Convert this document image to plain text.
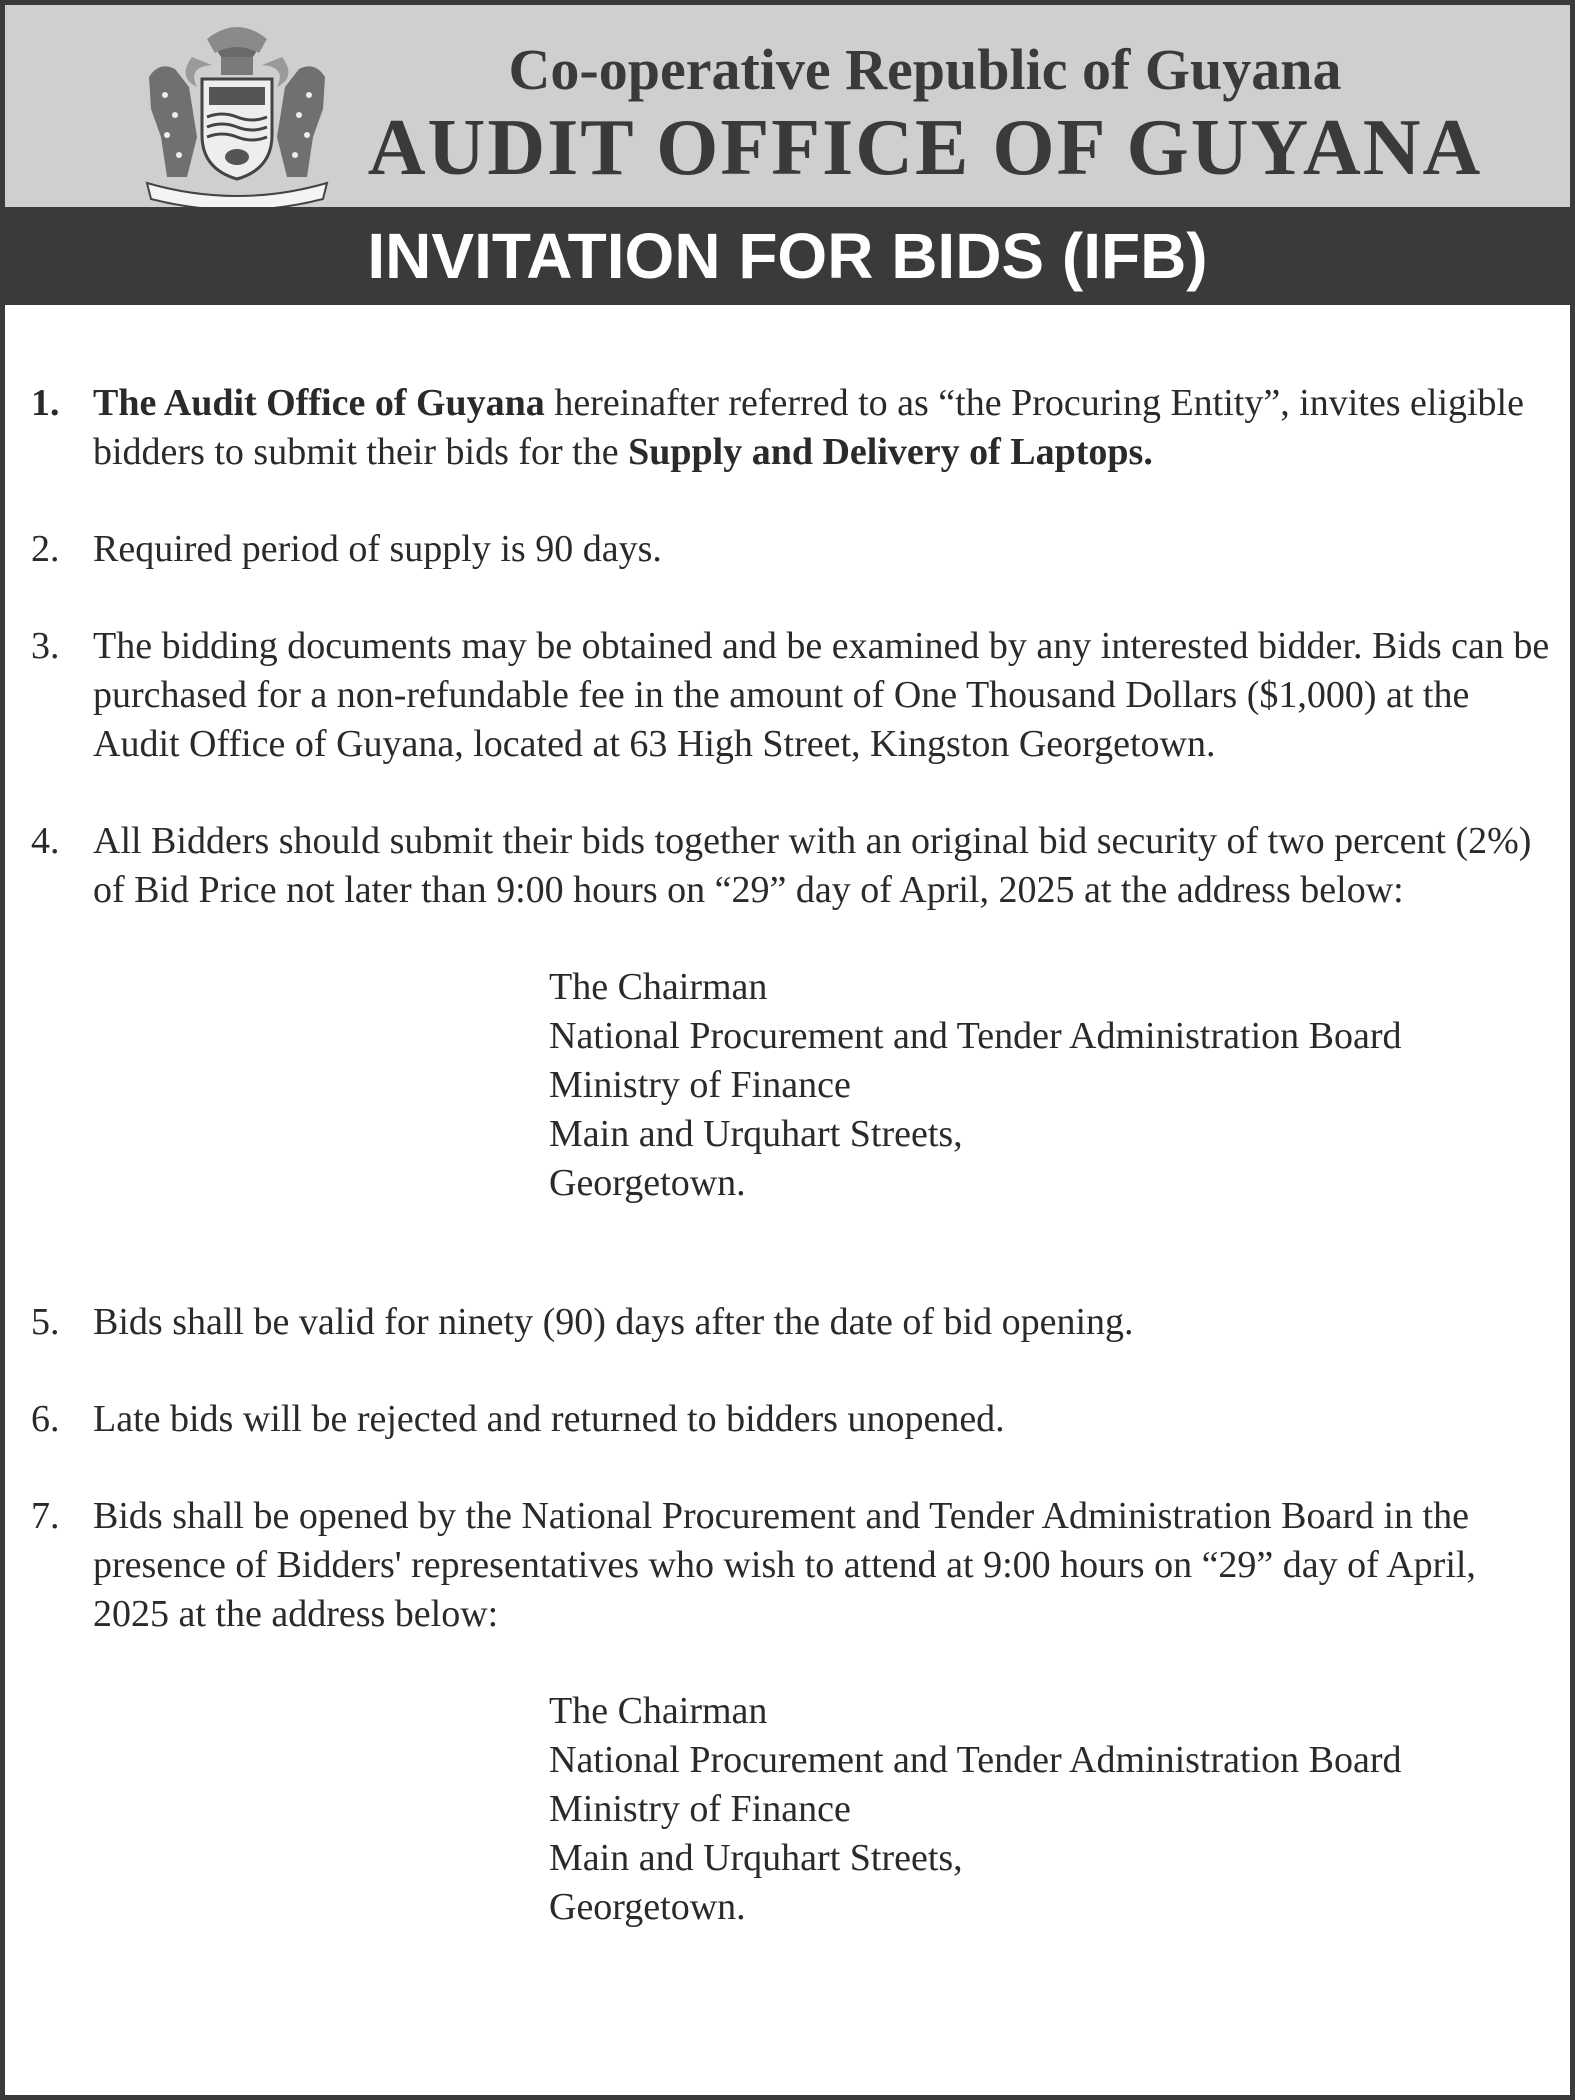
Co-operative Republic of Guyana
AUDIT OFFICE OF GUYANA
INVITATION FOR BIDS (IFB)
1. The Audit Office of Guyana hereinafter referred to as “the Procuring Entity”, invites eligible bidders to submit their bids for the Supply and Delivery of Laptops.

2. Required period of supply is 90 days.

3. The bidding documents may be obtained and be examined by any interested bidder. Bids can be purchased for a non-refundable fee in the amount of One Thousand Dollars ($1,000) at the Audit Office of Guyana, located at 63 High Street, Kingston Georgetown.

4. All Bidders should submit their bids together with an original bid security of two percent (2%) of Bid Price not later than 9:00 hours on “29” day of April, 2025 at the address below:

The Chairman
National Procurement and Tender Administration Board
Ministry of Finance
Main and Urquhart Streets,
Georgetown.
5. Bids shall be valid for ninety (90) days after the date of bid opening.

6. Late bids will be rejected and returned to bidders unopened.

7. Bids shall be opened by the National Procurement and Tender Administration Board in the presence of Bidders' representatives who wish to attend at 9:00 hours on “29” day of April, 2025 at the address below:

The Chairman
National Procurement and Tender Administration Board
Ministry of Finance
Main and Urquhart Streets,
Georgetown.
